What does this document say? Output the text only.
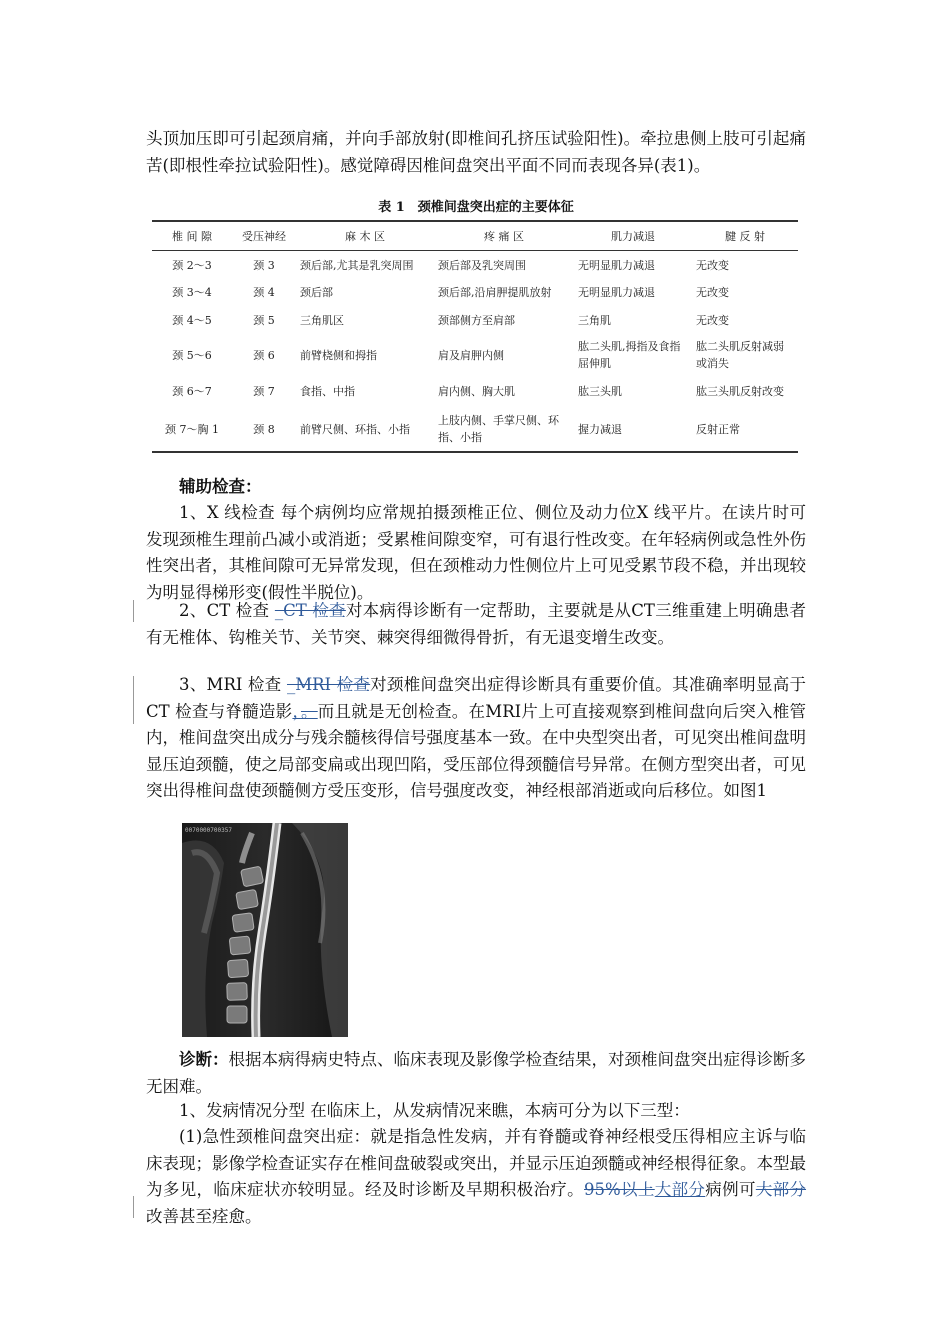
头顶加压即可引起颈肩痛，并向手部放射(即椎间孔挤压试验阳性)。牵拉患侧上肢可引起痛苦(即根性牵拉试验阳性)。感觉障碍因椎间盘突出平面不同而表现各异(表1)。

表 1　颈椎间盘突出症的主要体征
椎 间 隙	受压神经	麻 木 区	疼 痛 区	肌力减退	腱 反 射
颈 2～3	颈 3	颈后部,尤其是乳突周围	颈后部及乳突周围	无明显肌力减退	无改变
颈 3～4	颈 4	颈后部	颈后部,沿肩胛提肌放射	无明显肌力减退	无改变
颈 4～5	颈 5	三角肌区	颈部侧方至肩部	三角肌	无改变
颈 5～6	颈 6	前臂桡侧和拇指	肩及肩胛内侧	肱二头肌,拇指及食指屈伸肌	肱二头肌反射减弱或消失
颈 6～7	颈 7	食指、中指	肩内侧、胸大肌	肱三头肌	肱三头肌反射改变
颈 7～胸 1	颈 8	前臂尺侧、环指、小指	上肢内侧、手掌尺侧、环指、小指	握力减退	反射正常

辅助检查：

1、X 线检查 每个病例均应常规拍摄颈椎正位、侧位及动力位X 线平片。在读片时可发现颈椎生理前凸减小或消逝；受累椎间隙变窄，可有退行性改变。在年轻病例或急性外伤性突出者，其椎间隙可无异常发现，但在颈椎动力性侧位片上可见受累节段不稳，并出现较为明显得梯形变(假性半脱位)。

2、CT 检查 _CT 检查对本病得诊断有一定帮助，主要就是从CT三维重建上明确患者有无椎体、钩椎关节、关节突、棘突得细微得骨折，有无退变增生改变。

3、MRI 检查 _MRI 检查对颈椎间盘突出症得诊断具有重要价值。其准确率明显高于CT 检查与脊髓造影，。而且就是无创检查。在MRI片上可直接观察到椎间盘向后突入椎管内，椎间盘突出成分与残余髓核得信号强度基本一致。在中央型突出者，可见突出椎间盘明显压迫颈髓，使之局部变扁或出现凹陷，受压部位得颈髓信号异常。在侧方型突出者，可见突出得椎间盘使颈髓侧方受压变形，信号强度改变，神经根部消逝或向后移位。如图1

0070000700357

诊断：根据本病得病史特点、临床表现及影像学检查结果，对颈椎间盘突出症得诊断多无困难。

1、发病情况分型 在临床上，从发病情况来瞧，本病可分为以下三型：

(1)急性颈椎间盘突出症：就是指急性发病，并有脊髓或脊神经根受压得相应主诉与临床表现；影像学检查证实存在椎间盘破裂或突出，并显示压迫颈髓或神经根得征象。本型最为多见，临床症状亦较明显。经及时诊断及早期积极治疗。95%以上大部分病例可大部分改善甚至痊愈。
